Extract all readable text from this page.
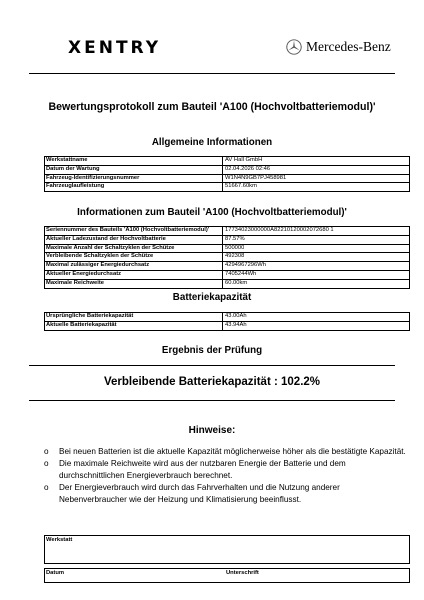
XENTRY	Mercedes-Benz
Bewertungsprotokoll zum Bauteil 'A100 (Hochvoltbatteriemodul)'
Allgemeine Informationen
Werkstattname	AV Hall GmbH
Datum der Wartung	02.04.2026 02:46
Fahrzeug-Identifizierungsnummer	W1N4N9GB7PJ458981
Fahrzeuglaufleistung	51667.60km
Informationen zum Bauteil 'A100 (Hochvoltbatteriemodul)'
Seriennummer des Bauteils 'A100 (Hochvoltbatteriemodul)'	17734023000000A82210120002072680 1
Aktueller Ladezustand der Hochvoltbatterie	87.57%
Maximale Anzahl der Schaltzyklen der Schütze	500000
Verbleibende Schaltzyklen der Schütze	492308
Maximal zulässiger Energiedurchsatz	42949672​96Wh
Aktueller Energiedurchsatz	7405244Wh
Maximale Reichweite	60.00km
Batteriekapazität
Ursprüngliche Batteriekapazität	43.00Ah
Aktuelle Batteriekapazität	43.94Ah
Ergebnis der Prüfung
Verbleibende Batteriekapazität : 102.2%
Hinweise:
o Bei neuen Batterien ist die aktuelle Kapazität möglicherweise höher als die bestätigte Kapazität.
o Die maximale Reichweite wird aus der nutzbaren Energie der Batterie und dem durchschnittlichen Energieverbrauch berechnet.
o Der Energieverbrauch wird durch das Fahrverhalten und die Nutzung anderer Nebenverbraucher wie der Heizung und Klimatisierung beeinflusst.
Werkstatt
Datum	Unterschrift
